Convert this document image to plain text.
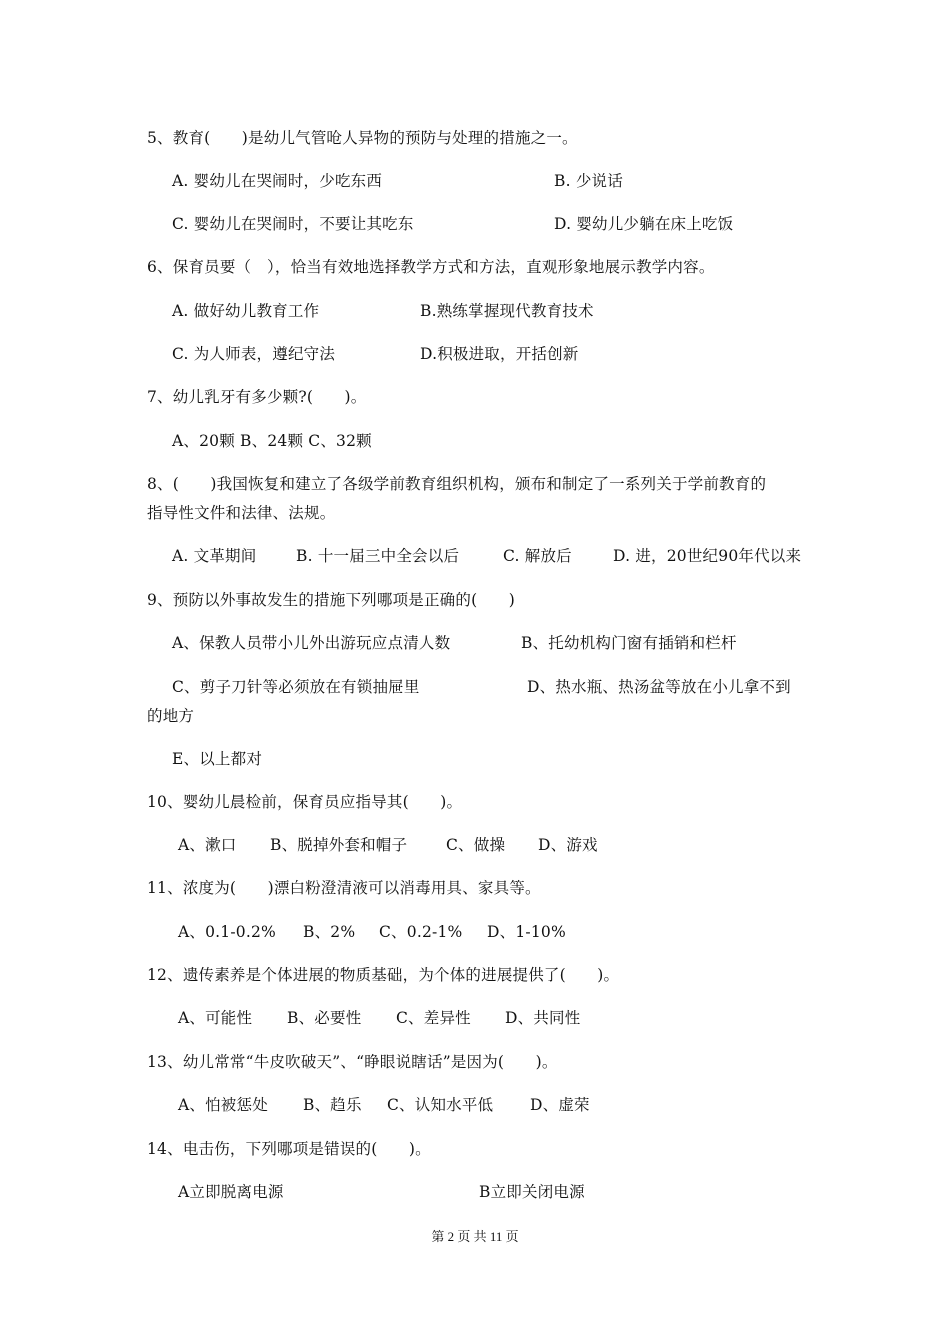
5、教育(　　)是幼儿气管呛人异物的预防与处理的措施之一。
A. 婴幼儿在哭闹时，少吃东西	B. 少说话
C. 婴幼儿在哭闹时，不要让其吃东	D. 婴幼儿少躺在床上吃饭
6、保育员要（　），恰当有效地选择教学方式和方法，直观形象地展示教学内容。
A. 做好幼儿教育工作	B.熟练掌握现代教育技术
C. 为人师表，遵纪守法	D.积极进取，开括创新
7、幼儿乳牙有多少颗?(　　)。
A、20颗 B、24颗 C、32颗
8、(　　)我国恢复和建立了各级学前教育组织机构，颁布和制定了一系列关于学前教育的
指导性文件和法律、法规。
A. 文革期间	B. 十一届三中全会以后	C. 解放后	D. 进，20世纪90年代以来
9、预防以外事故发生的措施下列哪项是正确的(　　)
A、保教人员带小儿外出游玩应点清人数	B、托幼机构门窗有插销和栏杆
C、剪子刀针等必须放在有锁抽屉里	D、热水瓶、热汤盆等放在小儿拿不到
的地方
E、以上都对
10、婴幼儿晨检前，保育员应指导其(　　)。
A、漱口 B、脱掉外套和帽子	C、做操 D、游戏
11、浓度为(　　)漂白粉澄清液可以消毒用具、家具等。
A、0.1-0.2% B、2% C、0.2-1% D、1-10%
12、遗传素养是个体进展的物质基础，为个体的进展提供了(　　)。
A、可能性 B、必要性 C、差异性 D、共同性
13、幼儿常常“牛皮吹破天”、“睁眼说瞎话”是因为(　　)。
A、怕被惩处 B、趋乐 C、认知水平低 D、虚荣
14、电击伤，下列哪项是错误的(　　)。
A立即脱离电源	B立即关闭电源
第 2 页 共 11 页
